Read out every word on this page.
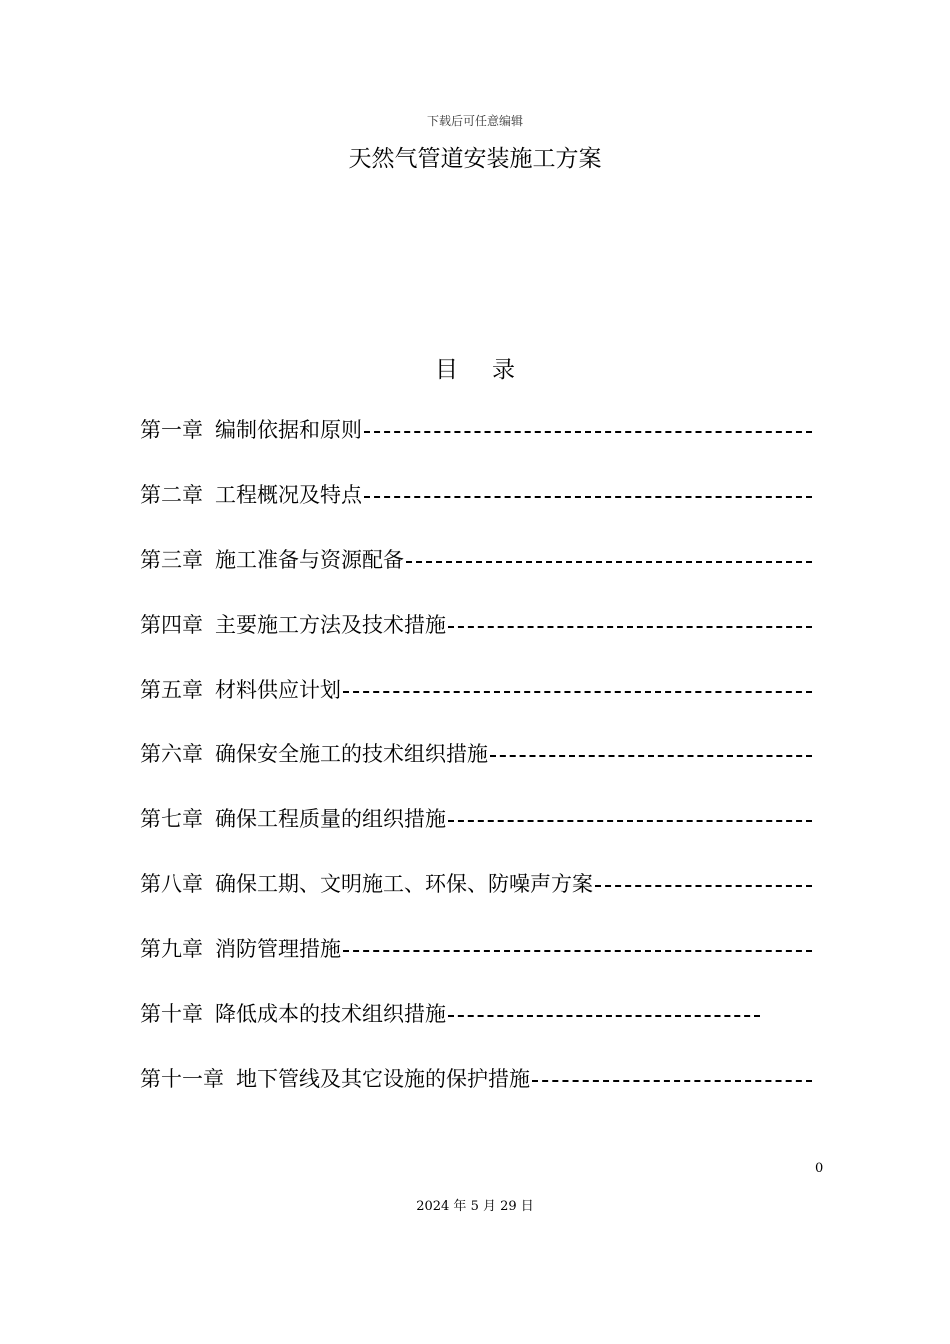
下载后可任意编辑
天然气管道安装施工方案
目 录
第一章 编制依据和原则
第二章 工程概况及特点
第三章 施工准备与资源配备
第四章 主要施工方法及技术措施
第五章 材料供应计划
第六章 确保安全施工的技术组织措施
第七章 确保工程质量的组织措施
第八章 确保工期、文明施工、环保、防噪声方案
第九章 消防管理措施
第十章 降低成本的技术组织措施
第十一章 地下管线及其它设施的保护措施
0
2024 年 5 月 29 日
